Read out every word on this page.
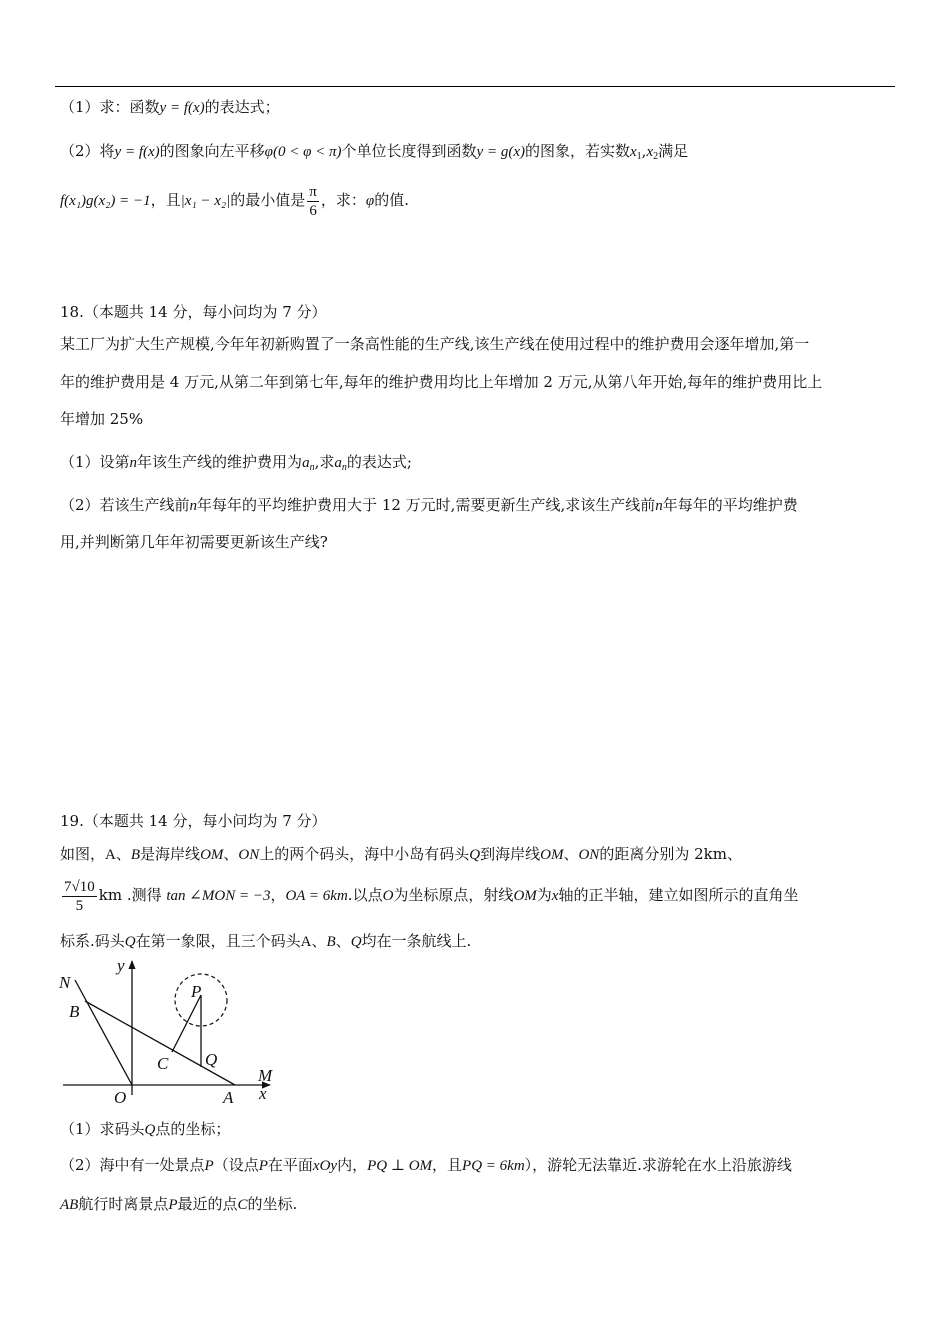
（1）求：函数y = f(x)的表达式；
（2）将y = f(x)的图象向左平移φ(0 < φ < π)个单位长度得到函数y = g(x)的图象，若实数$x_1,x_2$满足
f(x₁)g(x₂) = −1，且|x₁ − x₂|的最小值是 $\frac{\pi}{6}$ ，求：φ的值.
18.（本题共 14 分，每小问均为 7 分）
某工厂为扩大生产规模,今年年初新购置了一条高性能的生产线,该生产线在使用过程中的维护费用会逐年增加,第一
年的维护费用是 4 万元,从第二年到第七年,每年的维护费用均比上年增加 2 万元,从第八年开始,每年的维护费用比上
年增加 25%
（1）设第n年该生产线的维护费用为$a_n$,求$a_n$的表达式;
（2）若该生产线前n年每年的平均维护费用大于 12 万元时,需要更新生产线,求该生产线前n年每年的平均维护费
用,并判断第几年年初需要更新该生产线?
19.（本题共 14 分，每小问均为 7 分）
如图，A、B是海岸线OM、ON上的两个码头，海中小岛有码头Q到海岸线OM、ON的距离分别为 2km、
$\frac{7√10}{5}$ km .测得 tan ∠MON = −3，OA = 6km.以点O为坐标原点，射线OM为x轴的正半轴，建立如图所示的直角坐
标系.码头Q在第一象限，且三个码头A、B、Q均在一条航线上.
N
y
P
B
C Q
M
x
O	A
（1）求码头Q点的坐标；
（2）海中有一处景点P（设点P在平面xOy内，PQ ⊥ OM，且PQ = 6km），游轮无法靠近.求游轮在水上沿旅游线
AB航行时离景点P最近的点C的坐标.
